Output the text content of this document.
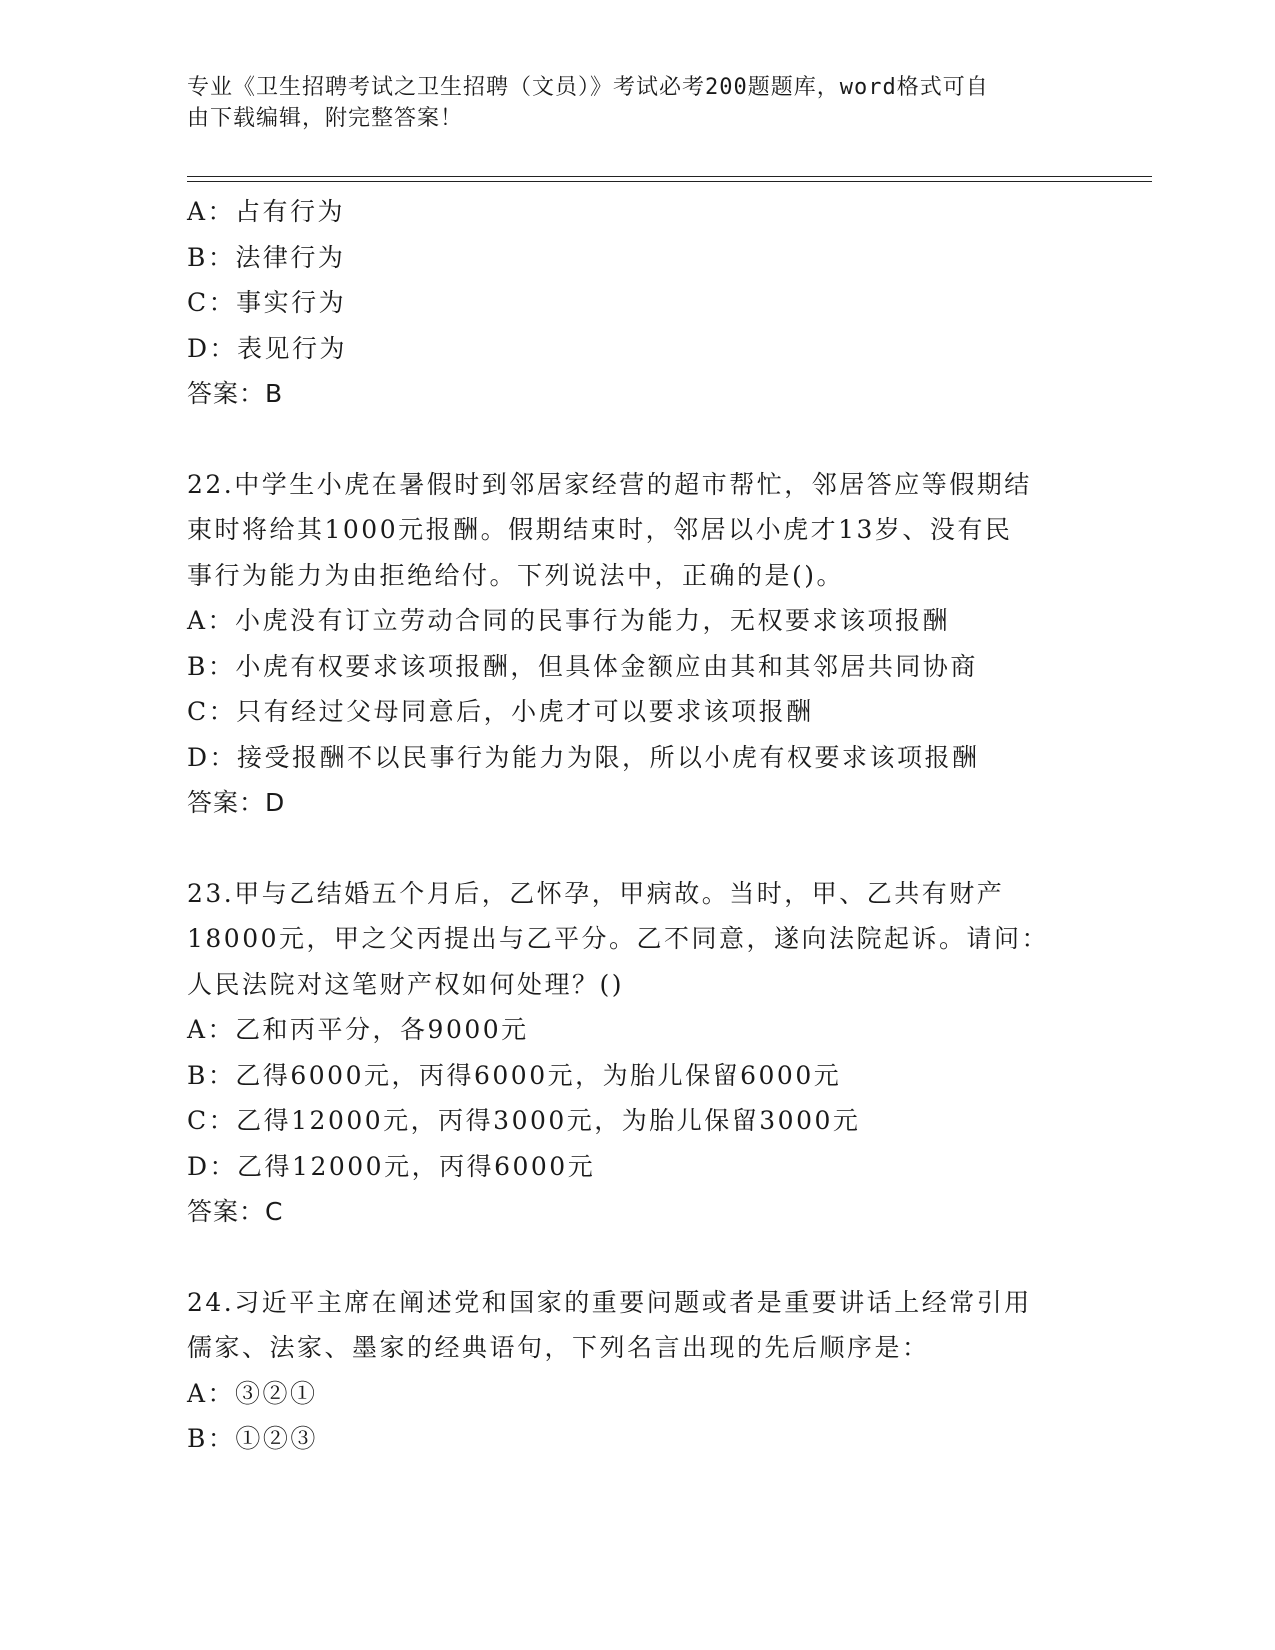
专业《卫生招聘考试之卫生招聘（文员）》考试必考200题题库，word格式可自
由下载编辑，附完整答案！
A：占有行为
B：法律行为
C：事实行为
D：表见行为
答案：B
22.中学生小虎在暑假时到邻居家经营的超市帮忙，邻居答应等假期结
束时将给其1000元报酬。假期结束时，邻居以小虎才13岁、没有民
事行为能力为由拒绝给付。下列说法中，正确的是()。
A：小虎没有订立劳动合同的民事行为能力，无权要求该项报酬
B：小虎有权要求该项报酬，但具体金额应由其和其邻居共同协商
C：只有经过父母同意后，小虎才可以要求该项报酬
D：接受报酬不以民事行为能力为限，所以小虎有权要求该项报酬
答案：D
23.甲与乙结婚五个月后，乙怀孕，甲病故。当时，甲、乙共有财产
18000元，甲之父丙提出与乙平分。乙不同意，遂向法院起诉。请问：
人民法院对这笔财产权如何处理？()
A：乙和丙平分，各9000元
B：乙得6000元，丙得6000元，为胎儿保留6000元
C：乙得12000元，丙得3000元，为胎儿保留3000元
D：乙得12000元，丙得6000元
答案：C
24.习近平主席在阐述党和国家的重要问题或者是重要讲话上经常引用
儒家、法家、墨家的经典语句，下列名言出现的先后顺序是：
A：③②①
B：①②③
